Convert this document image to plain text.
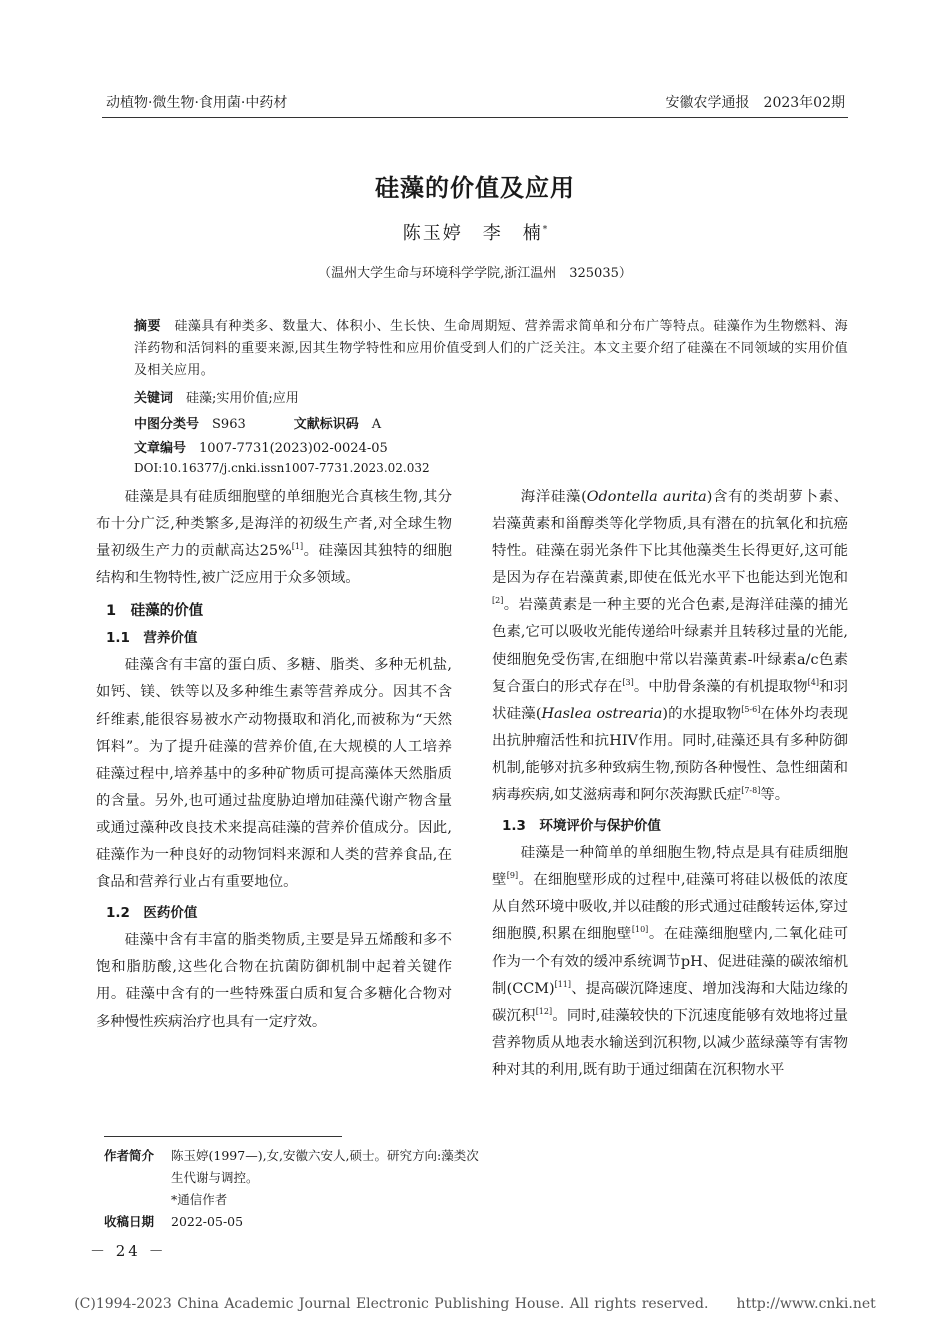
动植物·微生物·食用菌·中药材	安徽农学通报　2023年02期
硅藻的价值及应用
陈玉婷　 李　楠*
（温州大学生命与环境科学学院,浙江温州　325035）
摘要　 硅藻具有种类多、数量大、体积小、生长快、生命周期短、营养需求简单和分布广等特点。硅藻作为生物燃料、海洋药物和活饲料的重要来源,因其生物学特性和应用价值受到人们的广泛关注。本文主要介绍了硅藻在不同领域的实用价值及相关应用。
关键词　 硅藻;实用价值;应用
中图分类号　 S963	文献标识码　 A
文章编号　 1007-7731(2023)02-0024-05
DOI:10.16377/j.cnki.issn1007-7731.2023.02.032

硅藻是具有硅质细胞壁的单细胞光合真核生物,其分布十分广泛,种类繁多,是海洋的初级生产者,对全球生物量初级生产力的贡献高达25%[1]。硅藻因其独特的细胞结构和生物特性,被广泛应用于众多领域。

1　硅藻的价值
1.1　营养价值

硅藻含有丰富的蛋白质、多糖、脂类、多种无机盐,如钙、镁、铁等以及多种维生素等营养成分。因其不含纤维素,能很容易被水产动物摄取和消化,而被称为“天然饵料”。为了提升硅藻的营养价值,在大规模的人工培养硅藻过程中,培养基中的多种矿物质可提高藻体天然脂质的含量。另外,也可通过盐度胁迫增加硅藻代谢产物含量或通过藻种改良技术来提高硅藻的营养价值成分。因此,硅藻作为一种良好的动物饲料来源和人类的营养食品,在食品和营养行业占有重要地位。

1.2　医药价值

硅藻中含有丰富的脂类物质,主要是异五烯酸和多不饱和脂肪酸,这些化合物在抗菌防御机制中起着关键作用。硅藻中含有的一些特殊蛋白质和复合多糖化合物对多种慢性疾病治疗也具有一定疗效。

海洋硅藻(Odontella aurita)含有的类胡萝卜素、岩藻黄素和甾醇类等化学物质,具有潜在的抗氧化和抗癌特性。硅藻在弱光条件下比其他藻类生长得更好,这可能是因为存在岩藻黄素,即使在低光水平下也能达到光饱和[2]。岩藻黄素是一种主要的光合色素,是海洋硅藻的捕光色素,它可以吸收光能传递给叶绿素并且转移过量的光能,使细胞免受伤害,在细胞中常以岩藻黄素-叶绿素a/c色素复合蛋白的形式存在[3]。中肋骨条藻的有机提取物[4]和羽状硅藻(Haslea ostrearia)的水提取物[5-6]在体外均表现出抗肿瘤活性和抗HIV作用。同时,硅藻还具有多种防御机制,能够对抗多种致病生物,预防各种慢性、急性细菌和病毒疾病,如艾滋病毒和阿尔茨海默氏症[7-8]等。

1.3　环境评价与保护价值

硅藻是一种简单的单细胞生物,特点是具有硅质细胞壁[9]。在细胞壁形成的过程中,硅藻可将硅以极低的浓度从自然环境中吸收,并以硅酸的形式通过硅酸转运体,穿过细胞膜,积累在细胞壁[10]。在硅藻细胞壁内,二氧化硅可作为一个有效的缓冲系统调节pH、促进硅藻的碳浓缩机制(CCM)[11]、提高碳沉降速度、增加浅海和大陆边缘的碳沉积[12]。同时,硅藻较快的下沉速度能够有效地将过量营养物质从地表水输送到沉积物,以减少蓝绿藻等有害物种对其的利用,既有助于通过细菌在沉积物水平

作者简介	陈玉婷(1997—),女,安徽六安人,硕士。研究方向:藻类次生代谢与调控。
*通信作者
收稿日期	2022-05-05
－ 24 －
(C)1994-2023 China Academic Journal Electronic Publishing House. All rights reserved.　　http://www.cnki.net
